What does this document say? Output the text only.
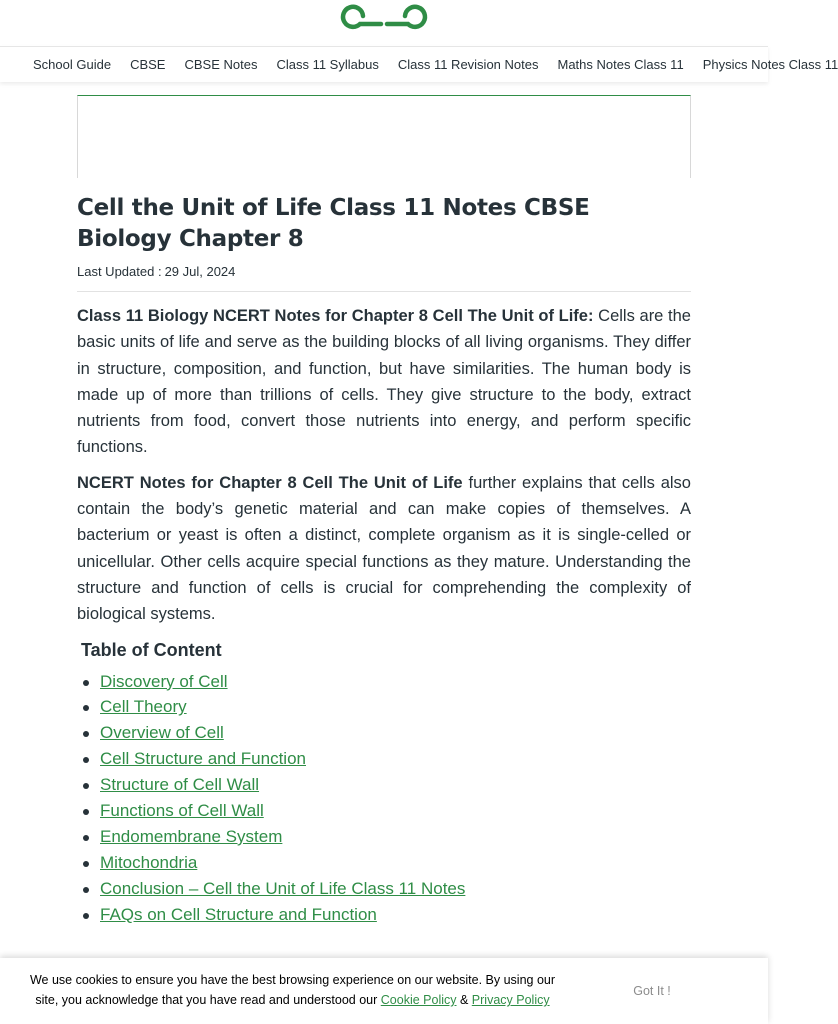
School Guide CBSE CBSE Notes Class 11 Syllabus Class 11 Revision Notes Maths Notes Class 11 Physics Notes Class 11
Cell the Unit of Life Class 11 Notes CBSE Biology Chapter 8
Last Updated : 29 Jul, 2024

Class 11 Biology NCERT Notes for Chapter 8 Cell The Unit of Life: Cells are the basic units of life and serve as the building blocks of all living organisms. They differ in structure, composition, and function, but have similarities. The human body is made up of more than trillions of cells. They give structure to the body, extract nutrients from food, convert those nutrients into energy, and perform specific functions.

NCERT Notes for Chapter 8 Cell The Unit of Life further explains that cells also contain the body’s genetic material and can make copies of themselves. A bacterium or yeast is often a distinct, complete organism as it is single-celled or unicellular. Other cells acquire special functions as they mature. Understanding the structure and function of cells is crucial for comprehending the complexity of biological systems.

Table of Content
Discovery of Cell
Cell Theory
Overview of Cell
Cell Structure and Function
Structure of Cell Wall
Functions of Cell Wall
Endomembrane System
Mitochondria
Conclusion – Cell the Unit of Life Class 11 Notes
FAQs on Cell Structure and Function
We use cookies to ensure you have the best browsing experience on our website. By using our site, you acknowledge that you have read and understood our Cookie Policy & Privacy Policy
Got It !
